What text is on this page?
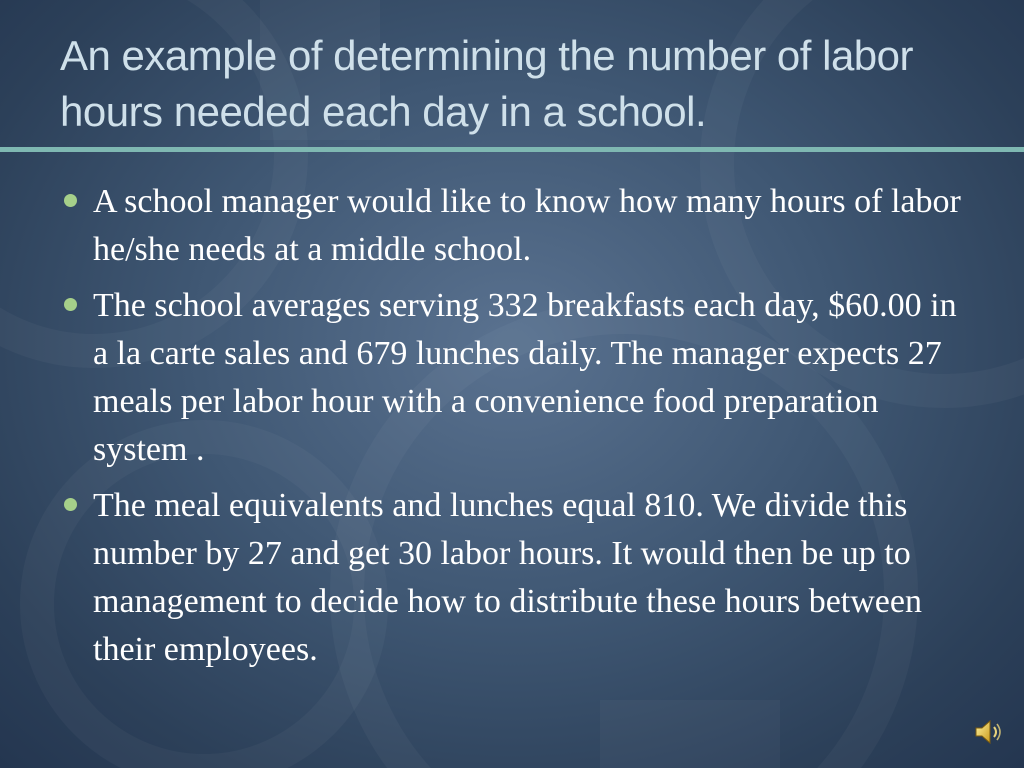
An example of determining the number of labor hours needed each day in a school.
A school manager would like to know how many hours of labor he/she needs at a middle school.
The school averages serving 332 breakfasts each day, $60.00 in a la carte sales and 679 lunches daily. The manager expects 27 meals per labor hour with a convenience food preparation system .
The meal equivalents and lunches equal 810. We divide this number by 27 and get 30 labor hours. It would then be up to management to decide how to distribute these hours between their employees.
